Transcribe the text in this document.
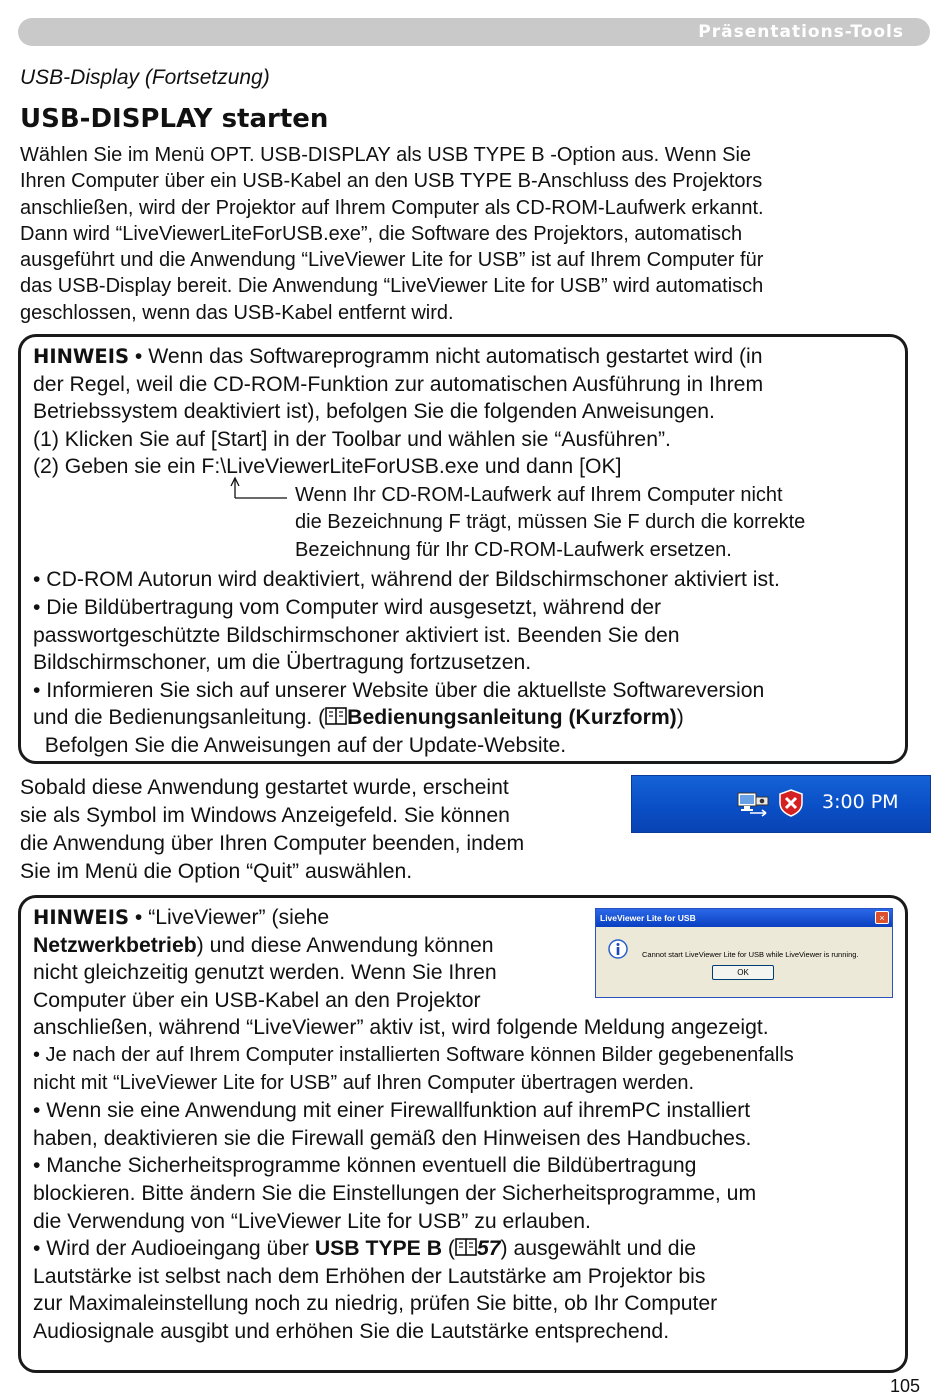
Präsentations-Tools
USB-Display (Fortsetzung)
USB-DISPLAY starten
Wählen Sie im Menü OPT. USB-DISPLAY als USB TYPE B -Option aus. Wenn Sie
Ihren Computer über ein USB-Kabel an den USB TYPE B-Anschluss des Projektors
anschließen, wird der Projektor auf Ihrem Computer als CD-ROM-Laufwerk erkannt.
Dann wird “LiveViewerLiteForUSB.exe”, die Software des Projektors, automatisch
ausgeführt und die Anwendung “LiveViewer Lite for USB” ist auf Ihrem Computer für
das USB-Display bereit. Die Anwendung “LiveViewer Lite for USB” wird automatisch
geschlossen, wenn das USB-Kabel entfernt wird.
HINWEIS • Wenn das Softwareprogramm nicht automatisch gestartet wird (in
der Regel, weil die CD-ROM-Funktion zur automatischen Ausführung in Ihrem
Betriebssystem deaktiviert ist), befolgen Sie die folgenden Anweisungen.
(1) Klicken Sie auf [Start] in der Toolbar und wählen sie “Ausführen”.
(2) Geben sie ein F:\LiveViewerLiteForUSB.exe und dann [OK]
Wenn Ihr CD-ROM-Laufwerk auf Ihrem Computer nicht
die Bezeichnung F trägt, müssen Sie F durch die korrekte
Bezeichnung für Ihr CD-ROM-Laufwerk ersetzen.
• CD-ROM Autorun wird deaktiviert, während der Bildschirmschoner aktiviert ist.
• Die Bildübertragung vom Computer wird ausgesetzt, während der
passwortgeschützte Bildschirmschoner aktiviert ist. Beenden Sie den
Bildschirmschoner, um die Übertragung fortzusetzen.
• Informieren Sie sich auf unserer Website über die aktuellste Softwareversion
und die Bedienungsanleitung. ( Bedienungsanleitung (Kurzform))
Befolgen Sie die Anweisungen auf der Update-Website.
Sobald diese Anwendung gestartet wurde, erscheint
sie als Symbol im Windows Anzeigefeld. Sie können
die Anwendung über Ihren Computer beenden, indem
Sie im Menü die Option “Quit” auswählen.
3:00 PM
LiveViewer Lite for USB	×
Cannot start LiveViewer Lite for USB while LiveViewer is running.
OK
HINWEIS • “LiveViewer” (siehe
Netzwerkbetrieb) und diese Anwendung können
nicht gleichzeitig genutzt werden. Wenn Sie Ihren
Computer über ein USB-Kabel an den Projektor
anschließen, während “LiveViewer” aktiv ist, wird folgende Meldung angezeigt.
• Je nach der auf Ihrem Computer installierten Software können Bilder gegebenenfalls
nicht mit “LiveViewer Lite for USB” auf Ihren Computer übertragen werden.
• Wenn sie eine Anwendung mit einer Firewallfunktion auf ihremPC installiert
haben, deaktivieren sie die Firewall gemäß den Hinweisen des Handbuches.
• Manche Sicherheitsprogramme können eventuell die Bildübertragung
blockieren. Bitte ändern Sie die Einstellungen der Sicherheitsprogramme, um
die Verwendung von “LiveViewer Lite for USB” zu erlauben.
• Wird der Audioeingang über USB TYPE B ( 57) ausgewählt und die
Lautstärke ist selbst nach dem Erhöhen der Lautstärke am Projektor bis
zur Maximaleinstellung noch zu niedrig, prüfen Sie bitte, ob Ihr Computer
Audiosignale ausgibt und erhöhen Sie die Lautstärke entsprechend.
105
